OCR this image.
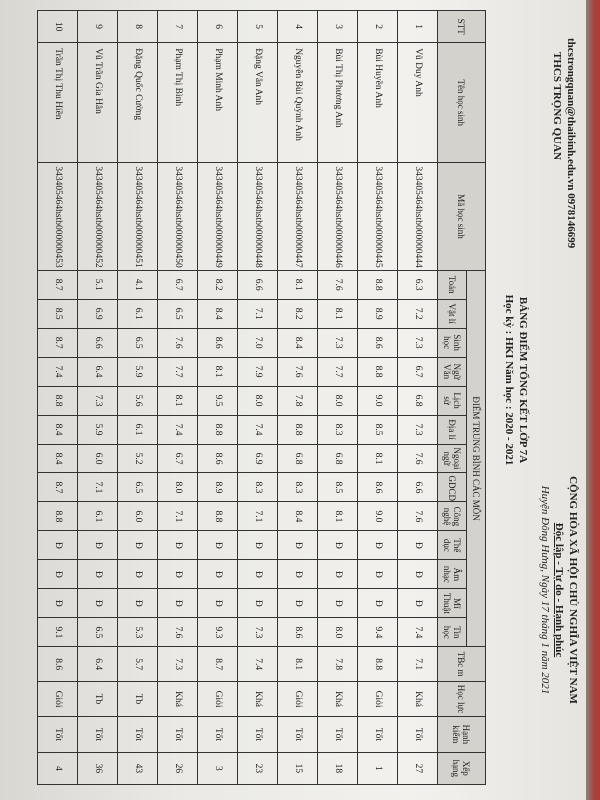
thcstrongquan@thaibinh.edu.vn 0978146699
THCS TRỌNG QUAN
CỘNG HÒA XÃ HỘI CHỦ NGHĨA VIỆT NAM
Độc lập - Tự do - Hạnh phúc
Huyện Đông Hưng, Ngày 17 tháng 1 năm 2021
BẢNG ĐIỂM TỔNG KẾT LỚP 7A
Học kỳ : HKI Năm học : 2020 - 2021
STT	Tên học sinh	Mã học sinh	ĐIỂM TRUNG BÌNH CÁC MÔN													TBc m	Học lực	Hạnh kiểm	Xếp hạng
			Toán	Vật lí	Sinh học	Ngữ Văn	Lịch sử	Địa lí	Ngoại ngữ	GDCD	Công nghệ	Thể dục	Âm nhạc	Mĩ Thuật	Tin học				
1	Vũ Duy Anh	343405464hstb000000444	6.3	7.2	7.3	6.7	6.8	7.3	7.6	6.6	7.6	Đ	Đ	Đ	7.4	7.1	Khá	Tốt	27
2	Bùi Huyền Anh	343405464hstb000000445	8.8	8.9	8.6	8.8	9.0	8.5	8.1	8.6	9.0	Đ	Đ	Đ	9.4	8.8	Giỏi	Tốt	1
3	Bùi Thị Phương Anh	343405464hstb000000446	7.6	8.1	7.3	7.7	8.0	8.3	6.8	8.5	8.1	Đ	Đ	Đ	8.0	7.8	Khá	Tốt	18
4	Nguyễn Bùi Quỳnh Anh	343405464hstb000000447	8.1	8.2	8.4	7.6	7.8	8.8	6.8	8.3	8.4	Đ	Đ	Đ	8.6	8.1	Giỏi	Tốt	15
5	Đặng Vân Anh	343405464hstb000000448	6.6	7.1	7.0	7.9	8.0	7.4	6.9	8.3	7.1	Đ	Đ	Đ	7.3	7.4	Khá	Tốt	23
6	Phạm Minh Anh	343405464hstb000000449	8.2	8.4	8.6	8.1	9.5	8.8	8.6	8.9	8.8	Đ	Đ	Đ	9.3	8.7	Giỏi	Tốt	3
7	Phạm Thị Bình	343405464hstb000000450	6.7	6.5	7.6	7.7	8.1	7.4	6.7	8.0	7.1	Đ	Đ	Đ	7.6	7.3	Khá	Tốt	26
8	Đặng Quốc Cường	343405464hstb000000451	4.1	6.1	6.5	5.9	5.6	6.1	5.2	6.5	6.0	Đ	Đ	Đ	5.3	5.7	Tb	Tốt	43
9	Vũ Trần Gia Hân	343405464hstb000000452	5.1	6.9	6.6	6.4	7.3	5.9	6.0	7.1	6.1	Đ	Đ	Đ	6.5	6.4	Tb	Tốt	36
10	Trần Thị Thu Hiền	343405464hstb000000453	8.7	8.5	8.7	7.4	8.8	8.4	8.4	8.7	8.8	Đ	Đ	Đ	9.1	8.6	Giỏi	Tốt	4
